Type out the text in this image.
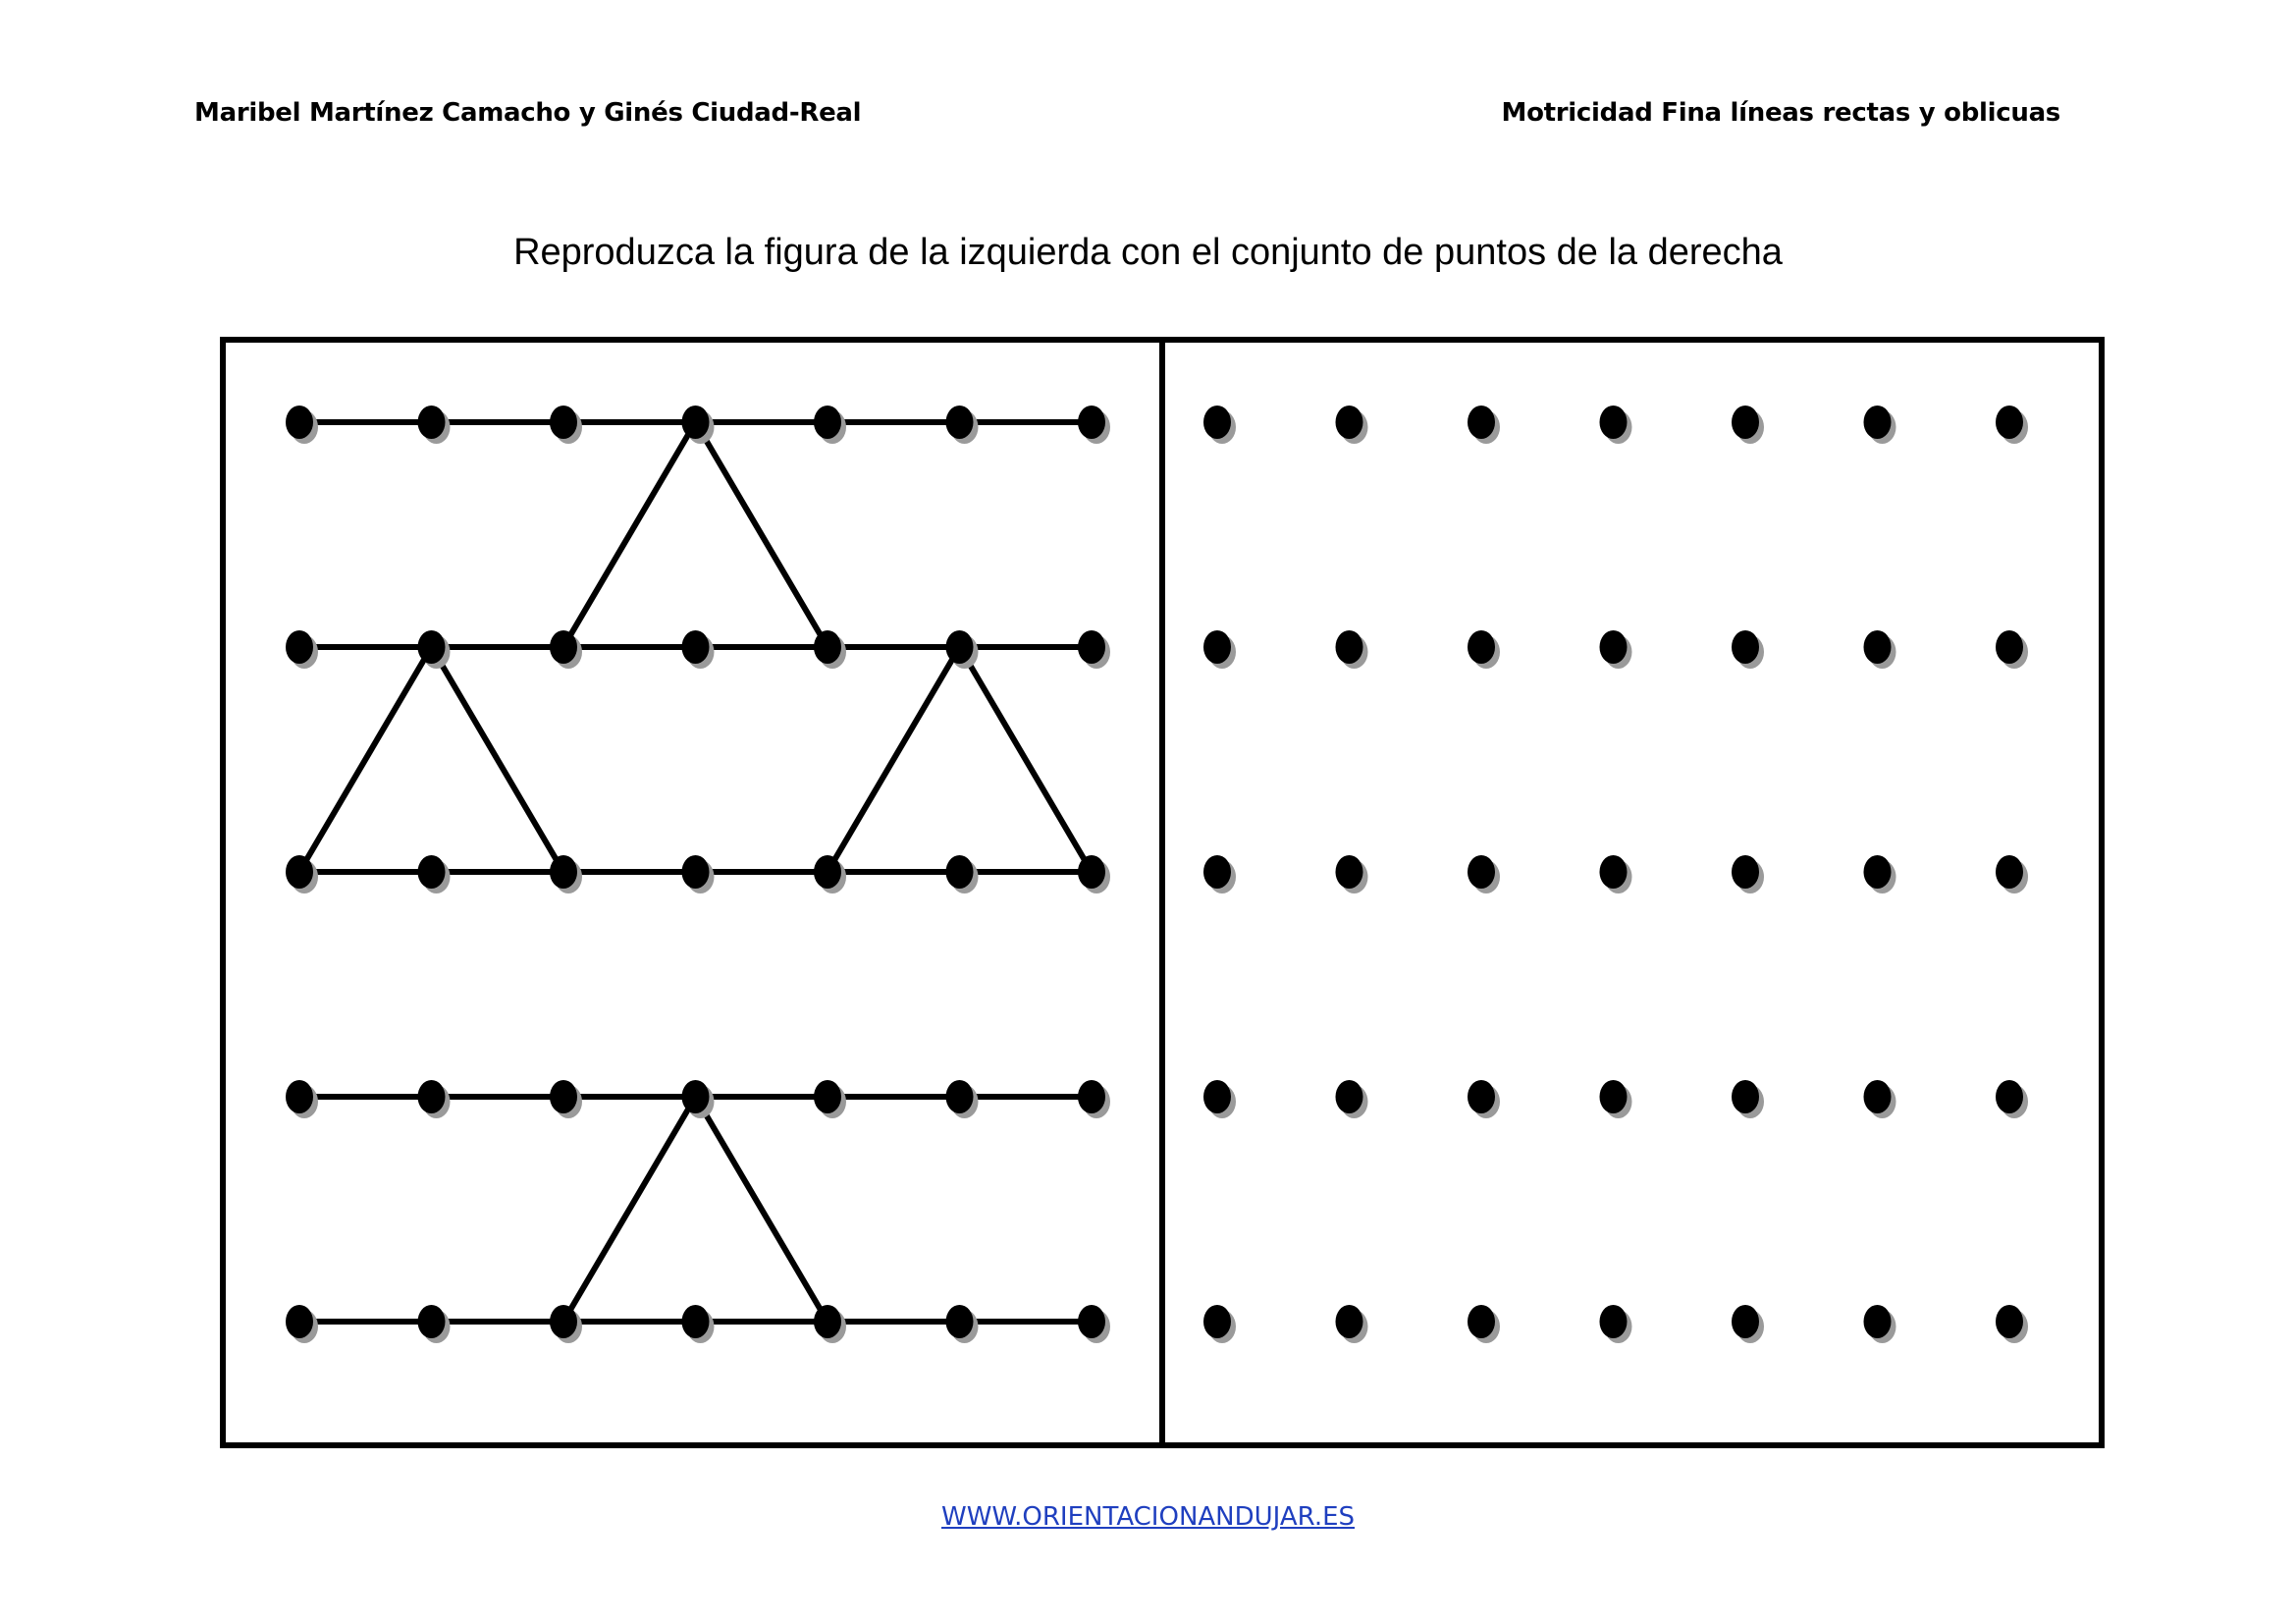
Maribel Martínez Camacho y Ginés Ciudad-Real	Motricidad Fina líneas rectas y oblicuas
Reproduzca la figura de la izquierda con el conjunto de puntos de la derecha
WWW.ORIENTACIONANDUJAR.ES
